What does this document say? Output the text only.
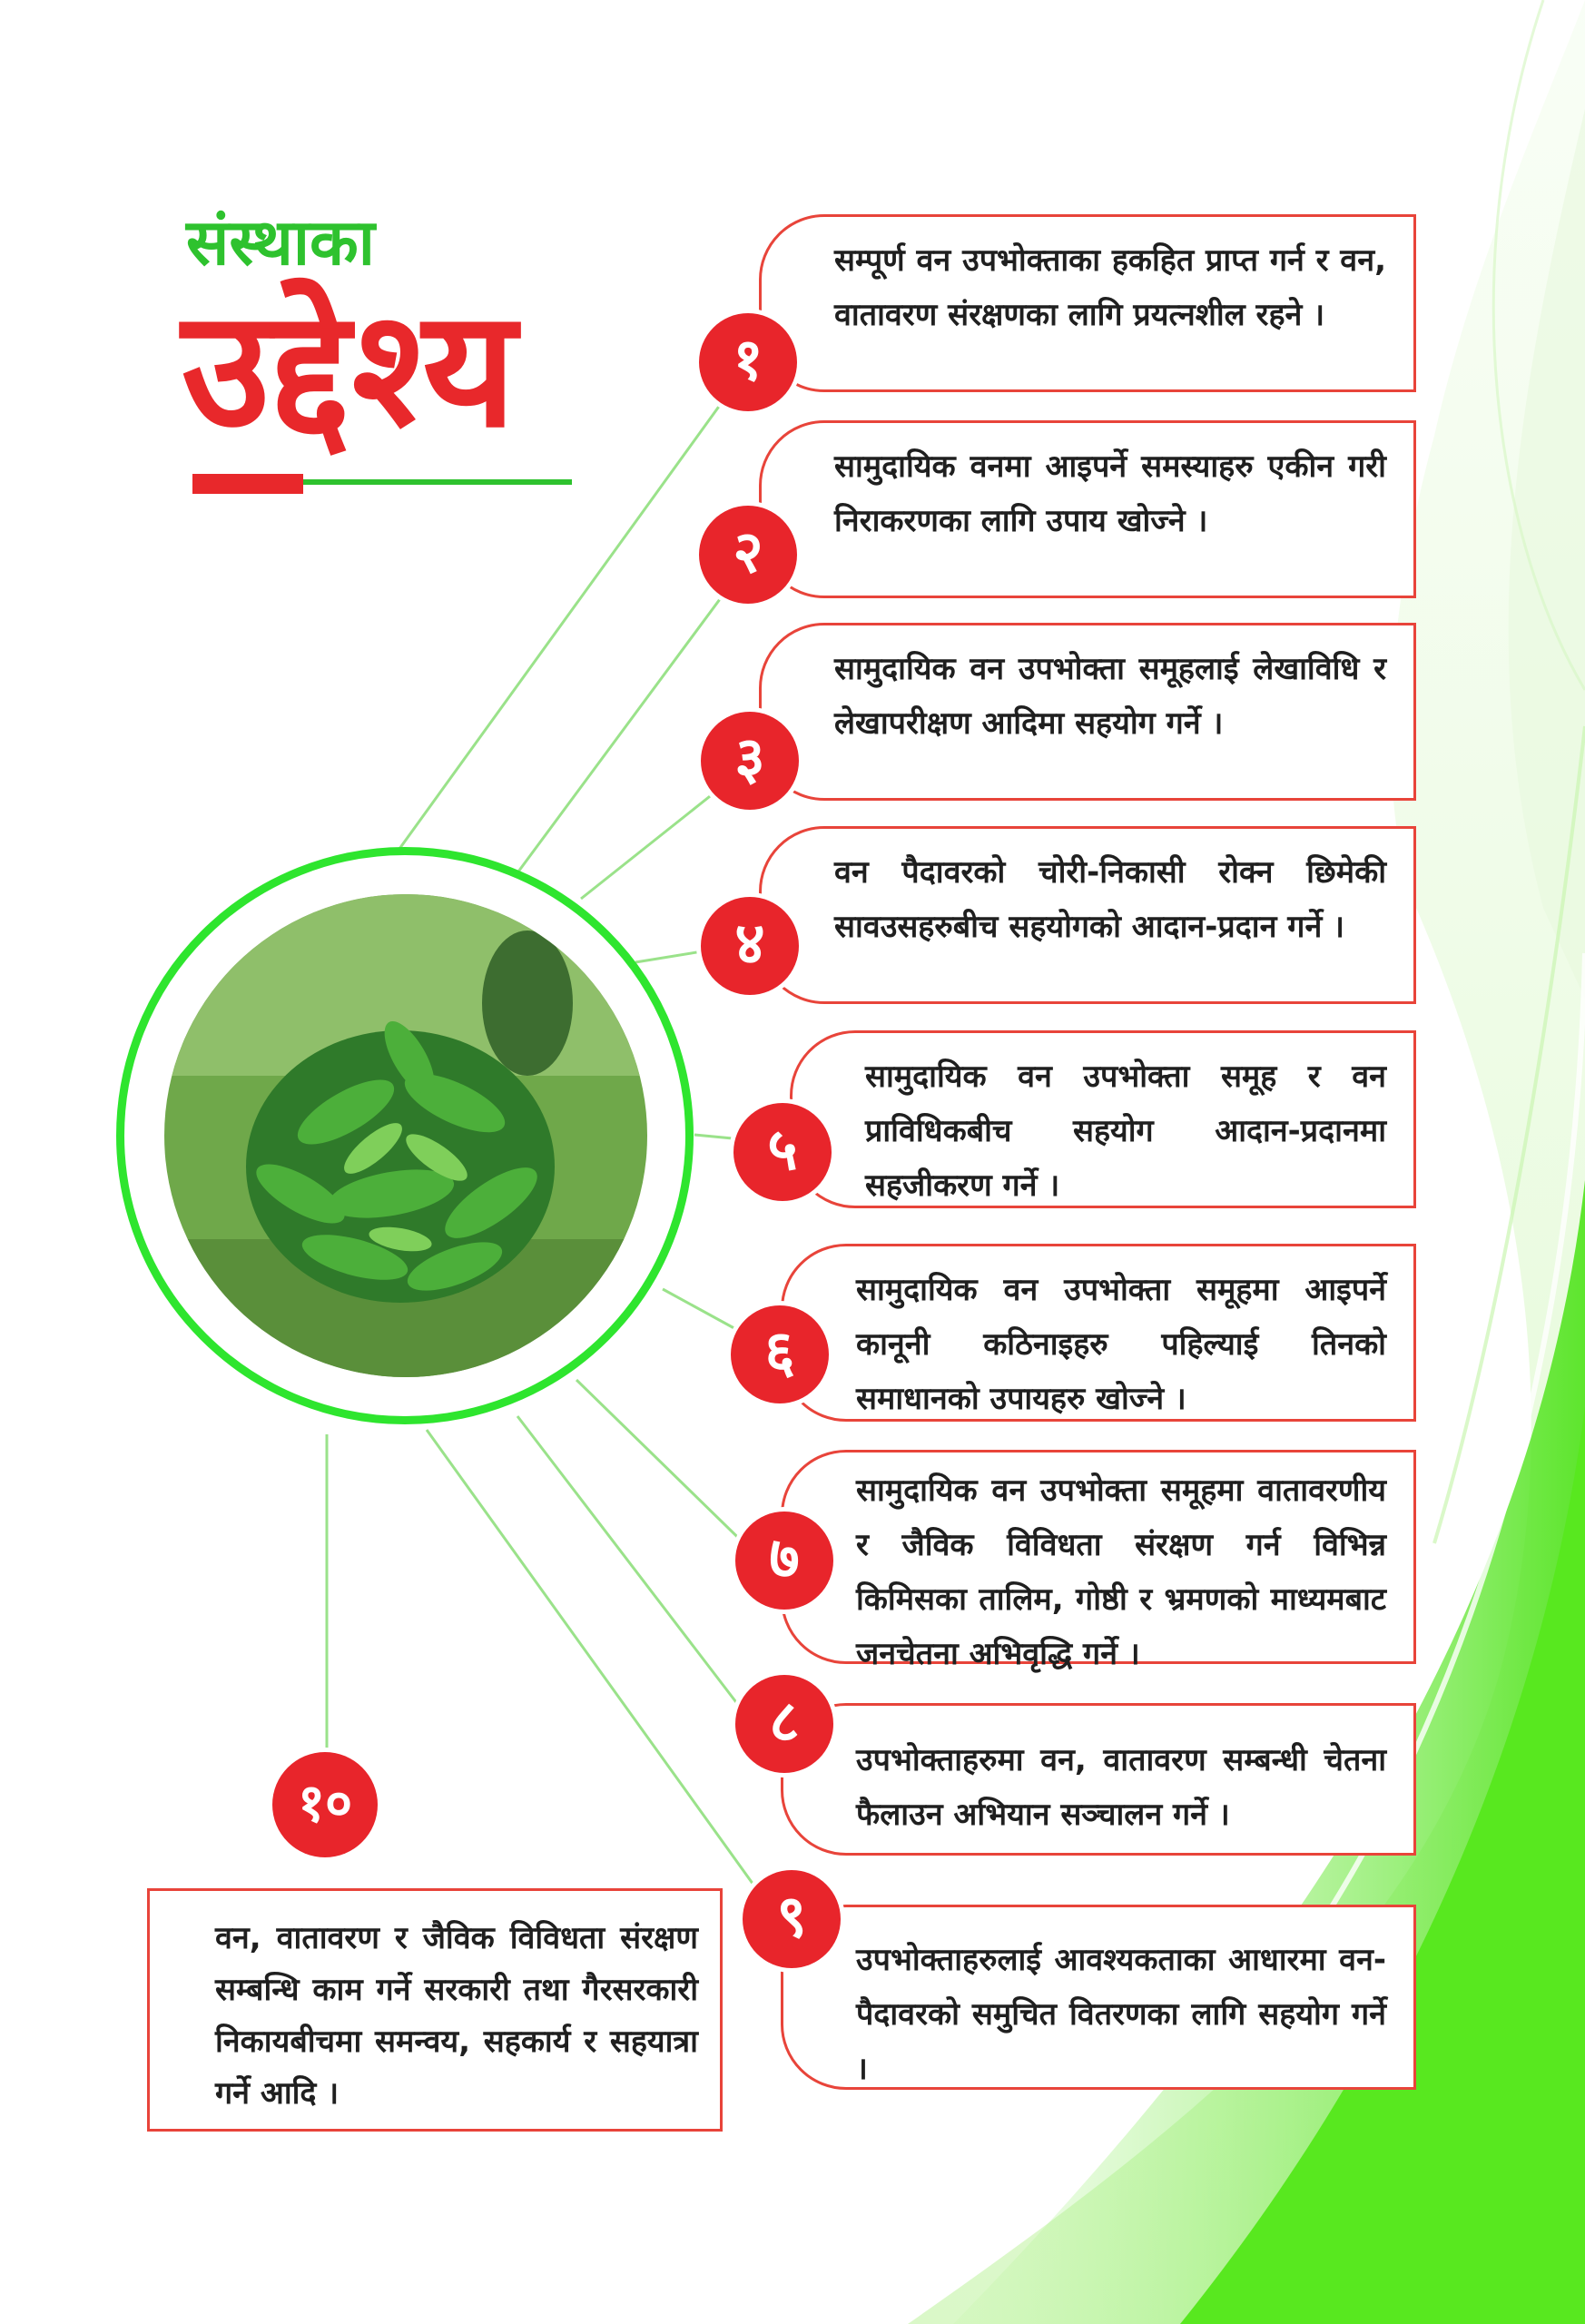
संस्थाका
उद्देश्य
सम्पूर्ण वन उपभोक्ताका हकहित प्राप्त गर्न र वन, वातावरण संरक्षणका लागि प्रयत्नशील रहने ।
१
सामुदायिक वनमा आइपर्ने समस्याहरु एकीन गरी निराकरणका लागि उपाय खोज्ने ।
२
सामुदायिक वन उपभोक्ता समूहलाई लेखाविधि र लेखापरीक्षण आदिमा सहयोग गर्ने ।
३
वन पैदावरको चोरी-निकासी रोक्न छिमेकी सावउसहरुबीच सहयोगको आदान-प्रदान गर्ने ।
४
सामुदायिक वन उपभोक्ता समूह र वन प्राविधिकबीच सहयोग आदान-प्रदानमा सहजीकरण गर्ने ।
५
सामुदायिक वन उपभोक्ता समूहमा आइपर्ने कानूनी कठिनाइहरु पहिल्याई तिनको समाधानको उपायहरु खोज्ने ।
६
सामुदायिक वन उपभोक्ता समूहमा वातावरणीय र जैविक विविधता संरक्षण गर्न विभिन्न किमिसका तालिम, गोष्ठी र भ्रमणको माध्यमबाट जनचेतना अभिवृद्धि गर्ने ।
७
उपभोक्ताहरुमा वन, वातावरण सम्बन्धी चेतना फैलाउन अभियान सञ्चालन गर्ने ।
८
उपभोक्ताहरुलाई आवश्यकताका आधारमा वन-पैदावरको समुचित वितरणका लागि सहयोग गर्ने ।
९
१०
वन, वातावरण र जैविक विविधता संरक्षण सम्बन्धि काम गर्ने सरकारी तथा गैरसरकारी निकायबीचमा समन्वय, सहकार्य र सहयात्रा गर्ने आदि ।
